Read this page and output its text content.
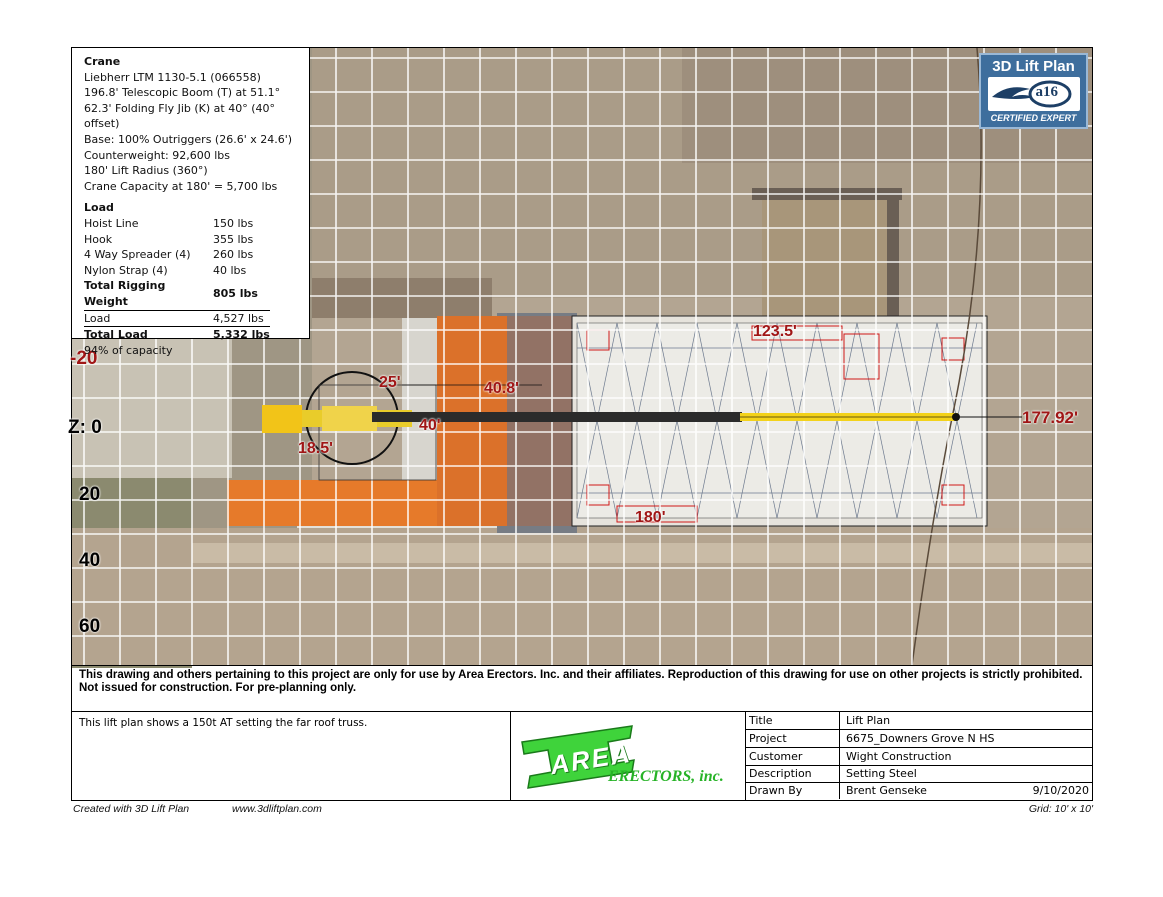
-20
Z: 0
20
40
60
25'	40.8'
40'
18.5'
123.5'
177.92'
180'
Crane
Liebherr LTM 1130-5.1 (066558)
196.8' Telescopic Boom (T) at 51.1°
62.3' Folding Fly Jib (K) at 40° (40° offset)
Base: 100% Outriggers (26.6' x 24.6')
Counterweight: 92,600 lbs
180' Lift Radius (360°)
Crane Capacity at 180' = 5,700 lbs
Load
Hoist Line	150 lbs
Hook	355 lbs
4 Way Spreader (4)	260 lbs
Nylon Strap (4)	40 lbs
Total Rigging Weight	805 lbs
Load	4,527 lbs
Total Load	5,332 lbs
94% of capacity
3D Lift Plan
a16
CERTIFIED EXPERT
This drawing and others pertaining to this project are only for use by Area Erectors. Inc. and their affiliates. Reproduction of this drawing for use on other projects is strictly prohibited.
Not issued for construction. For pre-planning only.
This lift plan shows a 150t AT setting the far roof truss.
AREA
ERECTORS, inc.
Title	Lift Plan
Project	6675_Downers Grove N HS
Customer	Wight Construction
Description	Setting Steel
Drawn By	Brent Genseke	9/10/2020
Created with 3D Lift Plan	www.3dliftplan.com	Grid: 10' x 10'
